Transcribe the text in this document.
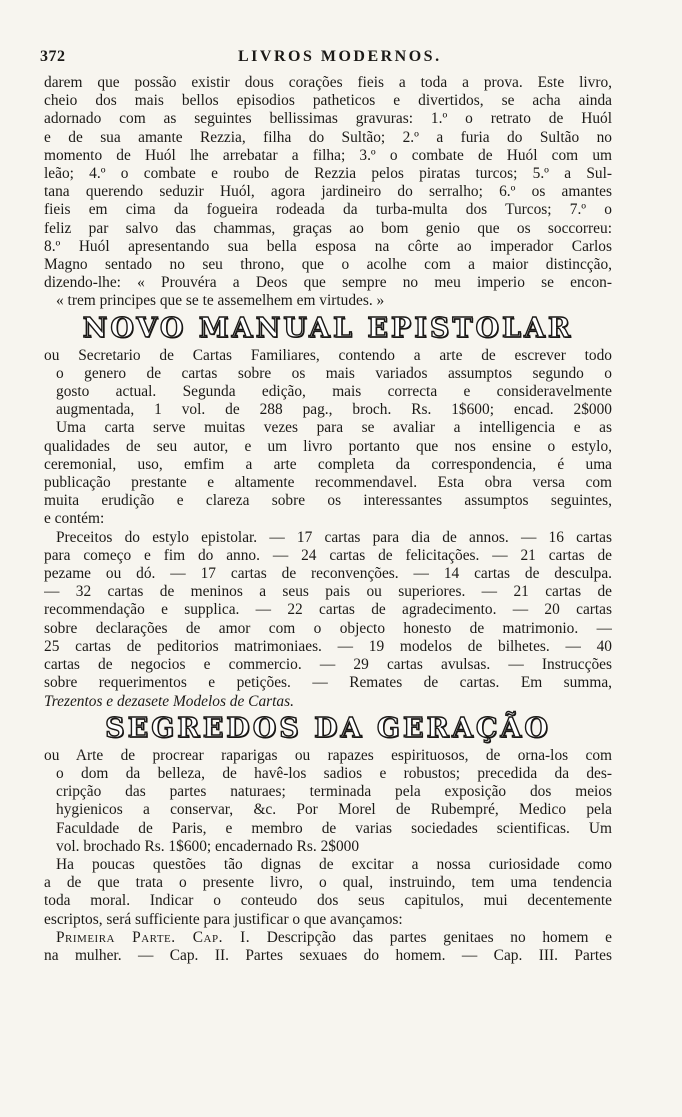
372	LIVROS MODERNOS.
darem que possão existir dous corações fieis a toda a prova. Este livro,
cheio dos mais bellos episodios patheticos e divertidos, se acha ainda
adornado com as seguintes bellissimas gravuras: 1.º o retrato de Huól
e de sua amante Rezzia, filha do Sultão; 2.º a furia do Sultão no
momento de Huól lhe arrebatar a filha; 3.º o combate de Huól com um
leão; 4.º o combate e roubo de Rezzia pelos piratas turcos; 5.º a Sul-
tana querendo seduzir Huól, agora jardineiro do serralho; 6.º os amantes
fieis em cima da fogueira rodeada da turba-multa dos Turcos; 7.º o
feliz par salvo das chammas, graças ao bom genio que os soccorreu:
8.º Huól apresentando sua bella esposa na côrte ao imperador Carlos
Magno sentado no seu throno, que o acolhe com a maior distincção,
dizendo-lhe: « Prouvéra a Deos que sempre no meu imperio se encon-
« trem principes que se te assemelhem em virtudes. »
NOVO MANUAL EPISTOLAR
ou Secretario de Cartas Familiares, contendo a arte de escrever todo
o genero de cartas sobre os mais variados assumptos segundo o
gosto actual. Segunda edição, mais correcta e consideravelmente
augmentada, 1 vol. de 288 pag., broch. Rs. 1$600; encad. 2$000
Uma carta serve muitas vezes para se avaliar a intelligencia e as
qualidades de seu autor, e um livro portanto que nos ensine o estylo,
ceremonial, uso, emfim a arte completa da correspondencia, é uma
publicação prestante e altamente recommendavel. Esta obra versa com
muita erudição e clareza sobre os interessantes assumptos seguintes,
e contém:
Preceitos do estylo epistolar. — 17 cartas para dia de annos. — 16 cartas
para começo e fim do anno. — 24 cartas de felicitações. — 21 cartas de
pezame ou dó. — 17 cartas de reconvenções. — 14 cartas de desculpa.
— 32 cartas de meninos a seus pais ou superiores. — 21 cartas de
recommendação e supplica. — 22 cartas de agradecimento. — 20 cartas
sobre declarações de amor com o objecto honesto de matrimonio. —
25 cartas de peditorios matrimoniaes. — 19 modelos de bilhetes. — 40
cartas de negocios e commercio. — 29 cartas avulsas. — Instrucções
sobre requerimentos e petições. — Remates de cartas. Em summa,
Trezentos e dezasete Modelos de Cartas.
SEGREDOS DA GERAÇÃO
ou Arte de procrear raparigas ou rapazes espirituosos, de orna-los com
o dom da belleza, de havê-los sadios e robustos; precedida da des-
cripção das partes naturaes; terminada pela exposição dos meios
hygienicos a conservar, &c. Por Morel de Rubempré, Medico pela
Faculdade de Paris, e membro de varias sociedades scientificas. Um
vol. brochado Rs. 1$600; encadernado Rs. 2$000
Ha poucas questões tão dignas de excitar a nossa curiosidade como
a de que trata o presente livro, o qual, instruindo, tem uma tendencia
toda moral. Indicar o conteudo dos seus capitulos, mui decentemente
escriptos, será sufficiente para justificar o que avançamos:
Primeira Parte. Cap. I. Descripção das partes genitaes no homem e
na mulher. — Cap. II. Partes sexuaes do homem. — Cap. III. Partes
